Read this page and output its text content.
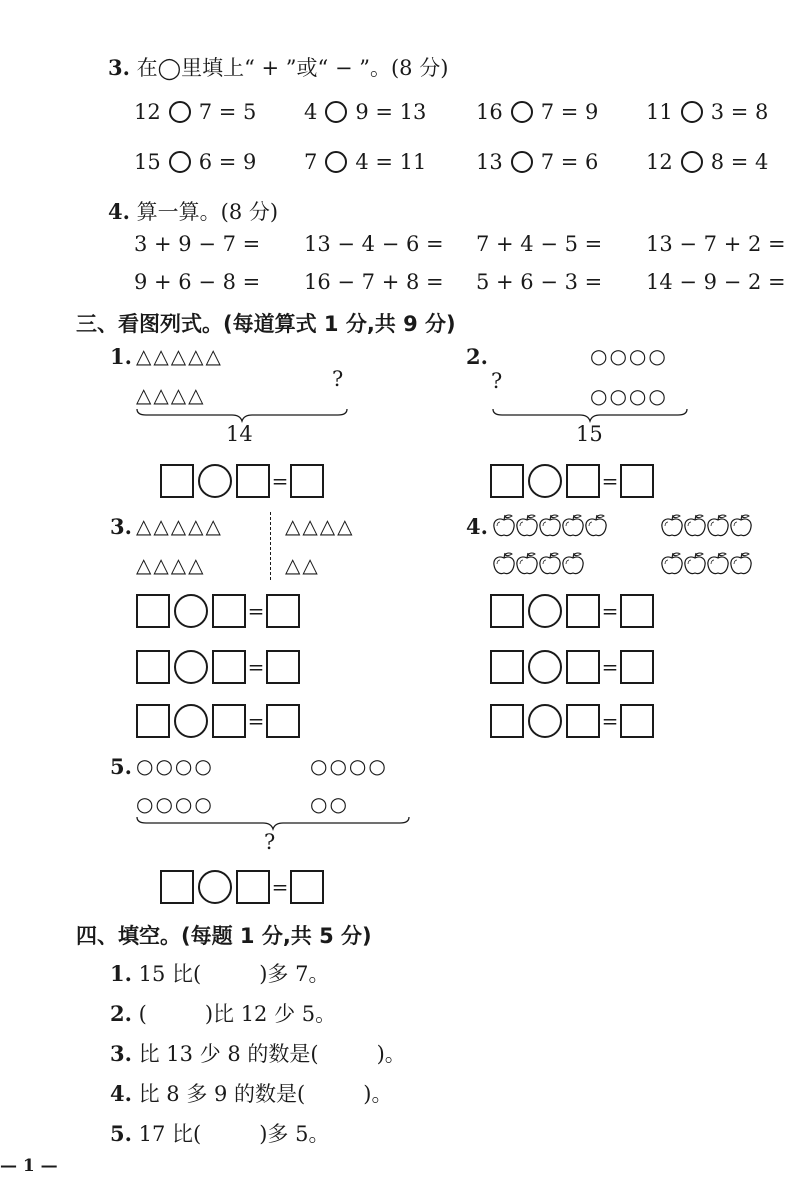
3. 在◯里填上“ + ”或“ − ”。(8 分)
12 7 = 5 4 9 = 13 16 7 = 9 11 3 = 8
15 6 = 9 7 4 = 11 13 7 = 6 12 8 = 4
4. 算一算。(8 分)
3 + 9 − 7 = 13 − 4 − 6 = 7 + 4 − 5 = 13 − 7 + 2 =
9 + 6 − 8 = 16 − 7 + 8 = 5 + 6 − 3 = 14 − 9 − 2 =
三、看图列式。(每道算式 1 分,共 9 分)
1. △△△△△
△△△△
?
14
2.	○○○○
○○○○
?
15
3. △△△△△
△△△△
△△△△
△△
4.
5. ○○○○
○○○○
○○○○
○○
?
=	=
=
=
=
=
=
=
=
四、填空。(每题 1 分,共 5 分)
1. 15 比(	)多 7。
2. (	)比 12 少 5。
3. 比 13 少 8 的数是(	)。
4. 比 8 多 9 的数是(	)。
5. 17 比(	)多 5。
— 1 —
